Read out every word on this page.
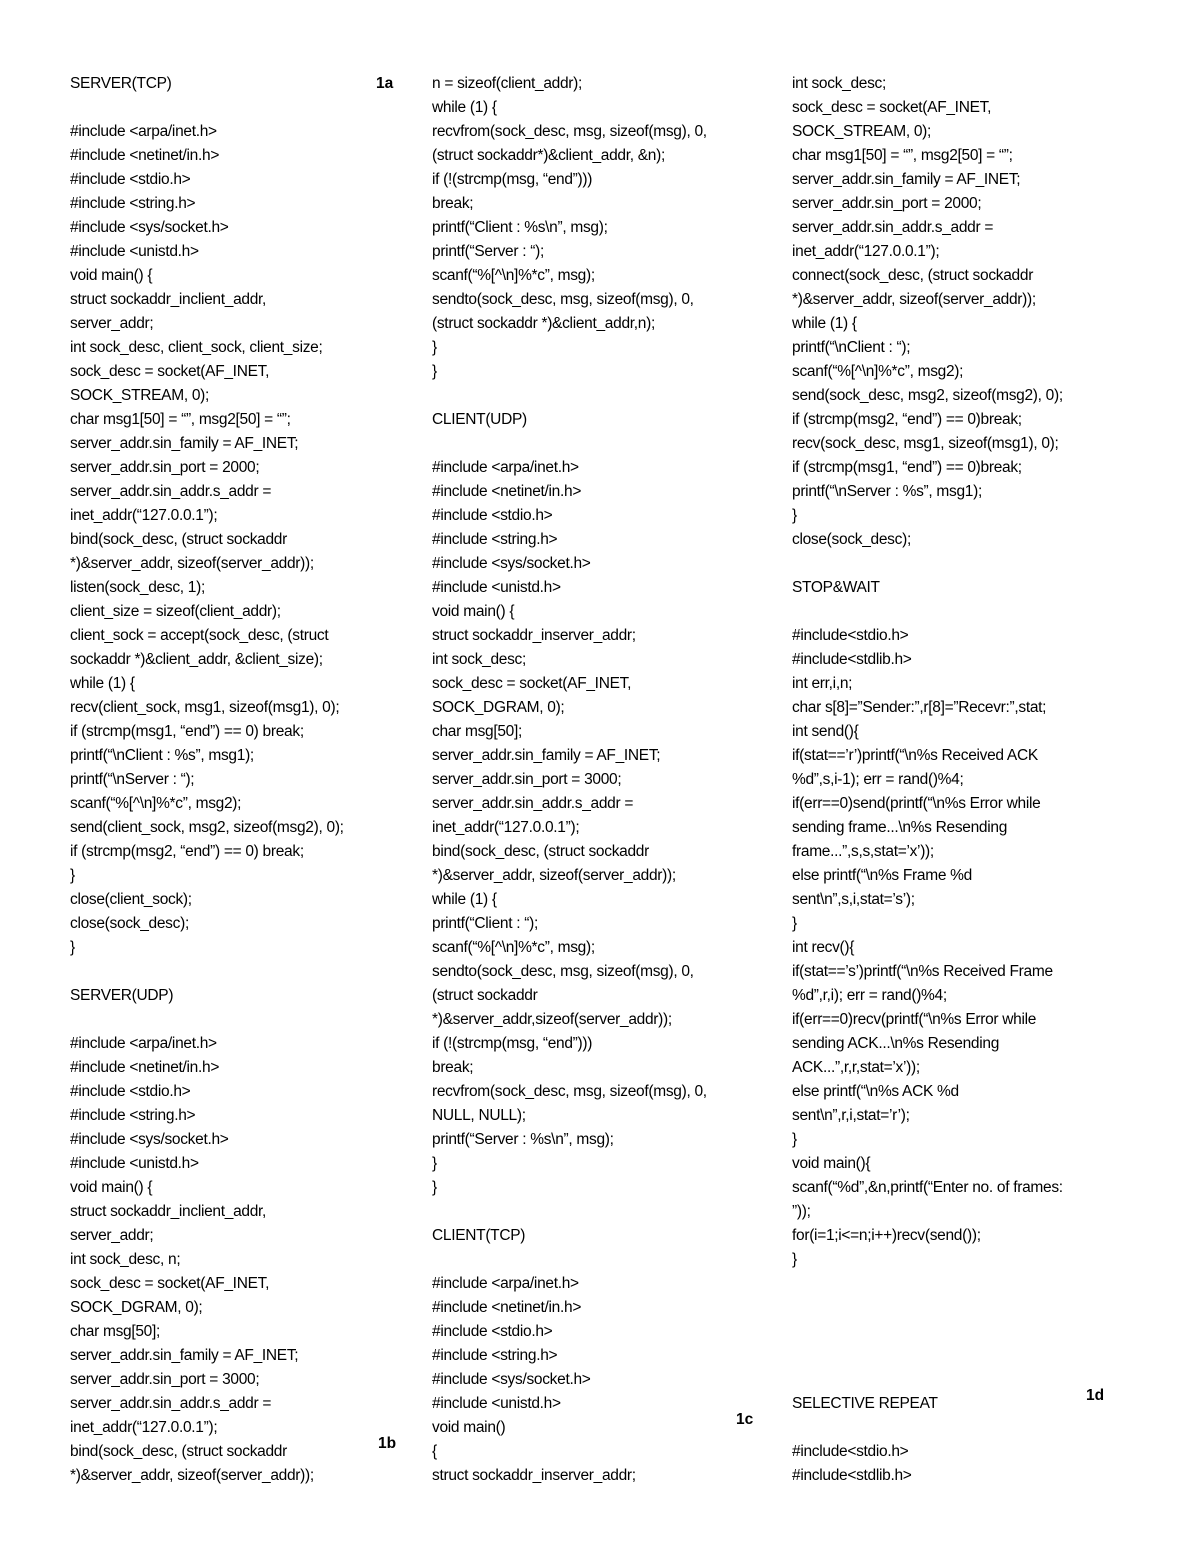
SERVER(TCP)
#include <arpa/inet.h>
#include <netinet/in.h>
#include <stdio.h>
#include <string.h>
#include <sys/socket.h>
#include <unistd.h>
void main() {
struct sockaddr_inclient_addr,
server_addr;
int sock_desc, client_sock, client_size;
sock_desc = socket(AF_INET,
SOCK_STREAM, 0);
char msg1[50] = “”, msg2[50] = “”;
server_addr.sin_family = AF_INET;
server_addr.sin_port = 2000;
server_addr.sin_addr.s_addr =
inet_addr(“127.0.0.1”);
bind(sock_desc, (struct sockaddr
*)&server_addr, sizeof(server_addr));
listen(sock_desc, 1);
client_size = sizeof(client_addr);
client_sock = accept(sock_desc, (struct
sockaddr *)&client_addr, &client_size);
while (1) {
recv(client_sock, msg1, sizeof(msg1), 0);
if (strcmp(msg1, “end”) == 0) break;
printf(“\nClient : %s”, msg1);
printf(“\nServer : “);
scanf(“%[^\n]%*c”, msg2);
send(client_sock, msg2, sizeof(msg2), 0);
if (strcmp(msg2, “end”) == 0) break;
}
close(client_sock);
close(sock_desc);
}
SERVER(UDP)
#include <arpa/inet.h>
#include <netinet/in.h>
#include <stdio.h>
#include <string.h>
#include <sys/socket.h>
#include <unistd.h>
void main() {
struct sockaddr_inclient_addr,
server_addr;
int sock_desc, n;
sock_desc = socket(AF_INET,
SOCK_DGRAM, 0);
char msg[50];
server_addr.sin_family = AF_INET;
server_addr.sin_port = 3000;
server_addr.sin_addr.s_addr =
inet_addr(“127.0.0.1”);
bind(sock_desc, (struct sockaddr
*)&server_addr, sizeof(server_addr));
n = sizeof(client_addr);
while (1) {
recvfrom(sock_desc, msg, sizeof(msg), 0,
(struct sockaddr*)&client_addr, &n);
if (!(strcmp(msg, “end”)))
break;
printf(“Client : %s\n”, msg);
printf(“Server : “);
scanf(“%[^\n]%*c”, msg);
sendto(sock_desc, msg, sizeof(msg), 0,
(struct sockaddr *)&client_addr,n);
}
}
CLIENT(UDP)
#include <arpa/inet.h>
#include <netinet/in.h>
#include <stdio.h>
#include <string.h>
#include <sys/socket.h>
#include <unistd.h>
void main() {
struct sockaddr_inserver_addr;
int sock_desc;
sock_desc = socket(AF_INET,
SOCK_DGRAM, 0);
char msg[50];
server_addr.sin_family = AF_INET;
server_addr.sin_port = 3000;
server_addr.sin_addr.s_addr =
inet_addr(“127.0.0.1”);
bind(sock_desc, (struct sockaddr
*)&server_addr, sizeof(server_addr));
while (1) {
printf(“Client : “);
scanf(“%[^\n]%*c”, msg);
sendto(sock_desc, msg, sizeof(msg), 0,
(struct sockaddr
*)&server_addr,sizeof(server_addr));
if (!(strcmp(msg, “end”)))
break;
recvfrom(sock_desc, msg, sizeof(msg), 0,
NULL, NULL);
printf(“Server : %s\n”, msg);
}
}
CLIENT(TCP)
#include <arpa/inet.h>
#include <netinet/in.h>
#include <stdio.h>
#include <string.h>
#include <sys/socket.h>
#include <unistd.h>
void main()
{
struct sockaddr_inserver_addr;
int sock_desc;
sock_desc = socket(AF_INET,
SOCK_STREAM, 0);
char msg1[50] = “”, msg2[50] = “”;
server_addr.sin_family = AF_INET;
server_addr.sin_port = 2000;
server_addr.sin_addr.s_addr =
inet_addr(“127.0.0.1”);
connect(sock_desc, (struct sockaddr
*)&server_addr, sizeof(server_addr));
while (1) {
printf(“\nClient : “);
scanf(“%[^\n]%*c”, msg2);
send(sock_desc, msg2, sizeof(msg2), 0);
if (strcmp(msg2, “end”) == 0)break;
recv(sock_desc, msg1, sizeof(msg1), 0);
if (strcmp(msg1, “end”) == 0)break;
printf(“\nServer : %s”, msg1);
}
close(sock_desc);
STOP&WAIT
#include<stdio.h>
#include<stdlib.h>
int err,i,n;
char s[8]=”Sender:”,r[8]=”Recevr:”,stat;
int send(){
if(stat==’r’)printf(“\n%s Received ACK
%d”,s,i-1); err = rand()%4;
if(err==0)send(printf(“\n%s Error while
sending frame...\n%s Resending
frame...”,s,s,stat=’x’));
else printf(“\n%s Frame %d
sent\n”,s,i,stat=’s’);
}
int recv(){
if(stat==’s’)printf(“\n%s Received Frame
%d”,r,i); err = rand()%4;
if(err==0)recv(printf(“\n%s Error while
sending ACK...\n%s Resending
ACK...”,r,r,stat=’x’));
else printf(“\n%s ACK %d
sent\n”,r,i,stat=’r’);
}
void main(){
scanf(“%d”,&n,printf(“Enter no. of frames:
”));
for(i=1;i<=n;i++)recv(send());
}
SELECTIVE REPEAT
#include<stdio.h>
#include<stdlib.h>
1a
1b
1c
1d
